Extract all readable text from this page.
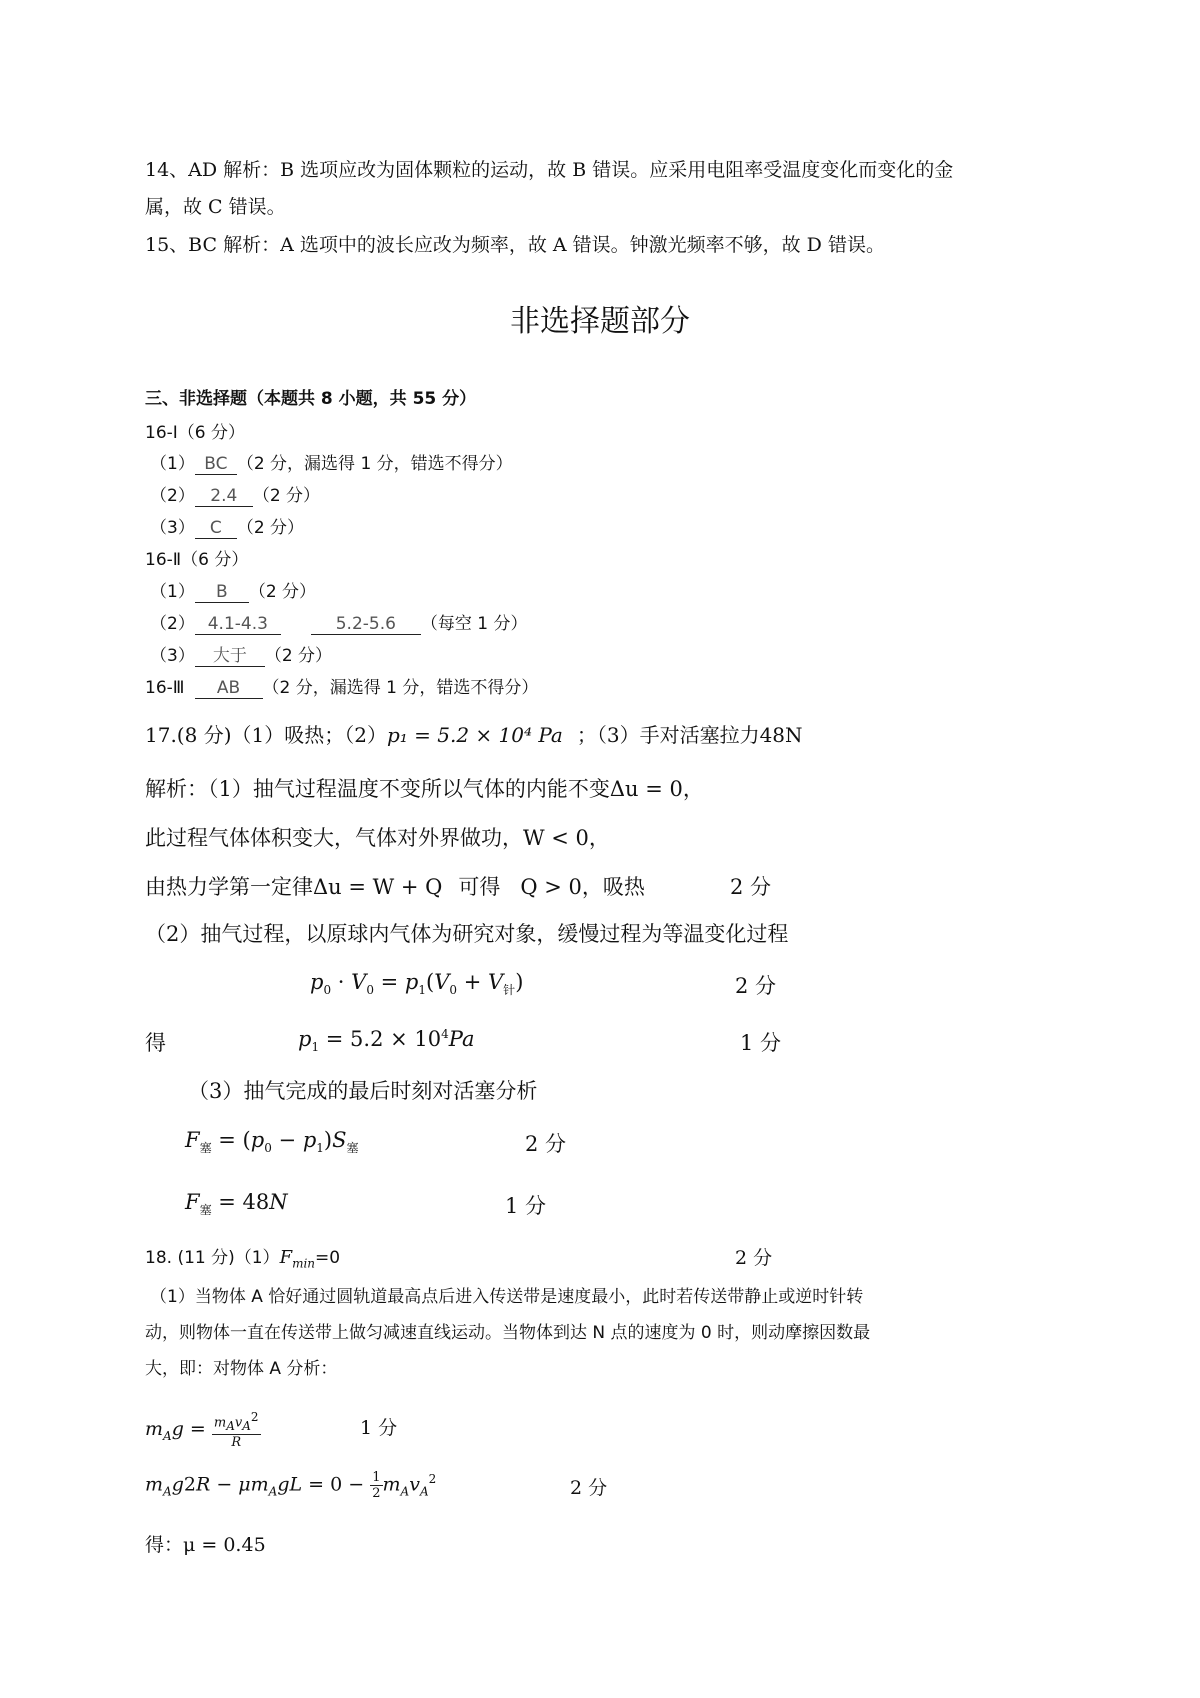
14、AD 解析：B 选项应改为固体颗粒的运动，故 B 错误。应采用电阻率受温度变化而变化的金
属，故 C 错误。
15、BC 解析：A 选项中的波长应改为频率，故 A 错误。钟激光频率不够，故 D 错误。
非选择题部分
三、非选择题（本题共 8 小题，共 55 分）
16-Ⅰ（6 分）
（1） BC （2 分，漏选得 1 分，错选不得分）
（2） 2.4 （2 分）
（3） C （2 分）
16-Ⅱ（6 分）
（1） B （2 分）
（2） 4.1-4.3	5.2-5.6 （每空 1 分）
（3） 大于 （2 分）
16-Ⅲ AB （2 分，漏选得 1 分，错选不得分）
17.(8 分)（1）吸热；（2）p₁ = 5.2 × 10⁴ Pa ；（3）手对活塞拉力48N
解析：（1）抽气过程温度不变所以气体的内能不变Δu = 0，
此过程气体体积变大，气体对外界做功，W < 0，
由热力学第一定律Δu = W + Q 可得 Q > 0，吸热	2 分
（2）抽气过程，以原球内气体为研究对象，缓慢过程为等温变化过程
$p_0 \cdot V_0 = p_1(V_0 + V_针)$	2 分
得	$p_1 = 5.2 \times 10^4Pa$	1 分
（3）抽气完成的最后时刻对活塞分析
$F_塞 = (p_0 - p_1)S_塞$	2 分
$F_塞 = 48N$	1 分
18. (11 分)$(1)F_{min}=0$	2 分
（1）当物体 A 恰好通过圆轨道最高点后进入传送带是速度最小，此时若传送带静止或逆时针转
动，则物体一直在传送带上做匀减速直线运动。当物体到达 N 点的速度为 0 时，则动摩擦因数最
大，即：对物体 A 分析：
$m_Ag = \frac{m_Av_A^2}{R}$	1 分
$m_Ag2R - \mu m_AgL = 0 - \frac{1}{2} m_Av_A^2$	2 分
得：μ = 0.45
